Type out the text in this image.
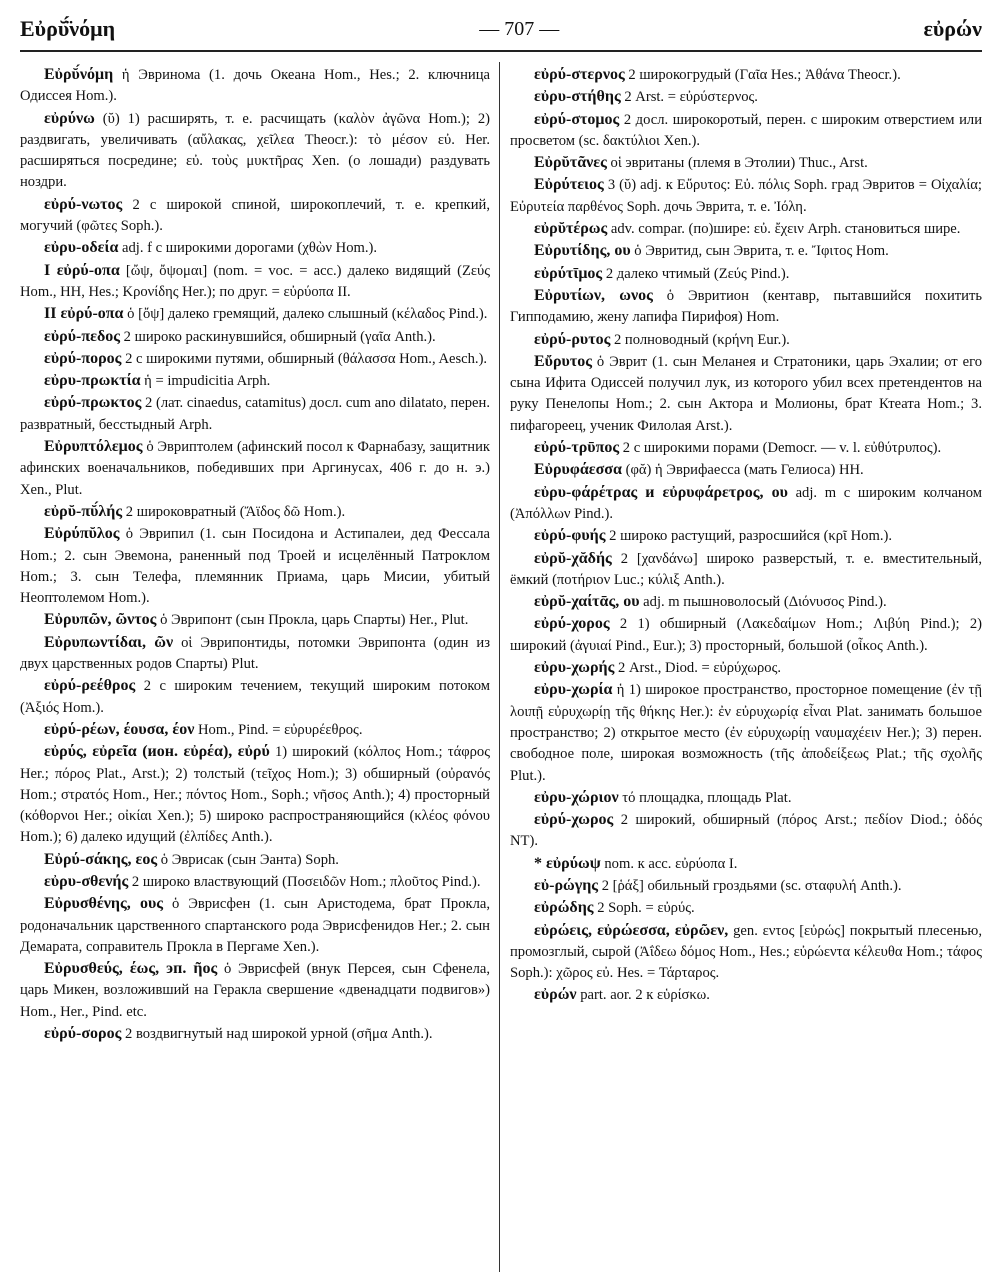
Εὐρῠ̈́νόμη	— 707 —	εὐρών

Εὐρῠ́νόμη ἡ Эвринома (1. дочь Океана Hom., Hes.; 2. ключница Одиссея Hom.).

εὐρύνω (ῠ) 1) расширять, т. е. расчищать (καλὸν ἀγῶνα Hom.); 2) раздвигать, увеличивать (αὔλακας, χεῖλεα Theocr.): τὸ μέσον εὐ. Her. расширяться посредине; εὐ. τοὺς μυκτῆρας Xen. (о лошади) раздувать ноздри.

εὐρύ-νωτος 2 с широкой спиной, широкоплечий, т. е. крепкий, могучий (φῶτες Soph.).

εὐρυ-οδεία adj. f с широкими дорогами (χθὼν Hom.).

I εὐρύ-οπα [ὤψ, ὄψομαι] (nom. = voc. = acc.) далеко видящий (Ζεύς Hom., HH, Hes.; Κρονίδης Her.); по друг. = εὐρύοπα II.

II εὐρύ-οπα ὁ [ὄψ] далеко гремящий, далеко слышный (κέλαδος Pind.).

εὐρύ-πεδος 2 широко раскинувшийся, обширный (γαῖα Anth.).

εὐρύ-πορος 2 с широкими путями, обширный (θάλασσα Hom., Aesch.).

εὐρυ-πρωκτία ἡ = impudicitia Arph.

εὐρύ-πρωκτος 2 (лат. cinaedus, catamitus) досл. cum ano dilatato, перен. развратный, бесстыдный Arph.

Εὐρυπτόλεμος ὁ Эвриптолем (афинский посол к Фарнабазу, защитник афинских военачальников, победивших при Аргинусах, 406 г. до н. э.) Xen., Plut.

εὐρῠ-πῠ́λής 2 широковратный (Ἄϊδος δῶ Hom.).

Εὐρύπῠλος ὁ Эврипил (1. сын Посидона и Астипалеи, дед Фессала Hom.; 2. сын Эвемона, раненный под Троей и исцелённый Патроклом Hom.; 3. сын Телефа, племянник Приама, царь Мисии, убитый Неоптолемом Hom.).

Εὐρυπῶν, ῶντος ὁ Эврипонт (сын Прокла, царь Спарты) Her., Plut.

Εὐρυπωντίδαι, ῶν οἱ Эврипонтиды, потомки Эврипонта (один из двух царственных родов Спарты) Plut.

εὐρύ-ρεέθρος 2 с широким течением, текущий широким потоком (Ἀξιός Hom.).

εὐρύ-ρέων, έουσα, έον Hom., Pind. = εὐρυρέεθρος.

εὐρύς, εὐρεῖα (ион. εὐρέα), εὐρύ 1) широкий (κόλπος Hom.; τάφρος Her.; πόρος Plat., Arst.); 2) толстый (τεῖχος Hom.); 3) обширный (οὐρανός Hom.; στρατός Hom., Her.; πόντος Hom., Soph.; νῆσος Anth.); 4) просторный (κόθορνοι Her.; οἰκίαι Xen.); 5) широко распространяющийся (κλέος φόνου Hom.); 6) далеко идущий (ἐλπίδες Anth.).

Εὐρύ-σάκης, εος ὁ Эврисак (сын Эанта) Soph.

εὐρυ-σθενής 2 широко властвующий (Ποσειδῶν Hom.; πλοῦτος Pind.).

Εὐρυσθένης, ους ὁ Эврисфен (1. сын Аристодема, брат Прокла, родоначальник царственного спартанского рода Эврисфенидов Her.; 2. сын Демарата, соправитель Прокла в Пергаме Xen.).

Εὐρυσθεύς, έως, эп. ῆος ὁ Эврисфей (внук Персея, сын Сфенела, царь Микен, возложивший на Геракла свершение «двенадцати подвигов») Hom., Her., Pind. etc.

εὐρύ-σορος 2 воздвигнутый над широкой урной (σῆμα Anth.).

εὐρύ-στερνος 2 широкогрудый (Γαῖα Hes.; Ἀθάνα Theocr.).

εὐρυ-στήθης 2 Arst. = εὐρύστερνος.

εὐρύ-στομος 2 досл. широкоротый, перен. с широким отверстием или просветом (sc. δακτύλιοι Xen.).

Εὐρῠτᾶνες οἱ эвританы (племя в Этолии) Thuc., Arst.

Εὐρύτειος 3 (ῠ) adj. к Εὔρυτος: Εὐ. πόλις Soph. град Эвритов = Οἰχαλία; Εὐρυτεία παρθένος Soph. дочь Эврита, т. е. Ἰόλη.

εὐρῠτέρως adv. compar. (по)шире: εὐ. ἔχειν Arph. становиться шире.

Εὐρυτίδης, ου ὁ Эвритид, сын Эврита, т. е. Ἴφιτος Hom.

εὐρύτῑμος 2 далеко чтимый (Ζεύς Pind.).

Εὐρυτίων, ωνος ὁ Эвритион (кентавр, пытавшийся похитить Гипподамию, жену лапифа Пирифоя) Hom.

εὐρύ-ρυτος 2 полноводный (κρήνη Eur.).

Εὔρυτος ὁ Эврит (1. сын Меланея и Стратоники, царь Эхалии; от его сына Ифита Одиссей получил лук, из которого убил всех претендентов на руку Пенелопы Hom.; 2. сын Актора и Молионы, брат Ктеата Hom.; 3. пифагореец, ученик Филолая Arst.).

εὐρύ-τρῡπος 2 с широкими порами (Democr. — v. l. εὐθύτρυπος).

Εὐρυφάεσσα (φᾰ) ἡ Эврифаесса (мать Гелиоса) HH.

εὐρυ-φάρέτρας и εὐρυφάρετρος, ου adj. m с широким колчаном (Ἀπόλλων Pind.).

εὐρύ-φυής 2 широко растущий, разросшийся (κρῖ Hom.).

εὐρῠ-χᾰδής 2 [χανδάνω] широко разверстый, т. е. вместительный, ёмкий (ποτήριον Luc.; κύλιξ Anth.).

εὐρῠ-χαίτᾱς, ου adj. m пышноволосый (Διόνυσος Pind.).

εὐρύ-χορος 2 1) обширный (Λακεδαίμων Hom.; Λιβύη Pind.); 2) широкий (ἀγυιαί Pind., Eur.); 3) просторный, большой (οἶκος Anth.).

εὐρυ-χωρής 2 Arst., Diod. = εὐρύχωρος.

εὐρυ-χωρία ἡ 1) широкое пространство, просторное помещение (ἐν τῇ λοιπῇ εὐρυχωρίῃ τῆς θήκης Her.): ἐν εὐρυχωρίᾳ εἶναι Plat. занимать большое пространство; 2) открытое место (ἐν εὐρυχωρίῃ ναυμαχέειν Her.); 3) перен. свободное поле, широкая возможность (τῆς ἀποδείξεως Plat.; τῆς σχολῆς Plut.).

εὐρυ-χώριον τό площадка, площадь Plat.

εὐρύ-χωρος 2 широкий, обширный (πόρος Arst.; πεδίον Diod.; ὁδός NT).

* εὐρύωψ nom. к acc. εὐρύοπα I.

εὐ-ρώγης 2 [ῥάξ] обильный гроздьями (sc. σταφυλή Anth.).

εὐρώδης 2 Soph. = εὐρύς.

εὐρώεις, εὐρώεσσα, εὐρῶεν, gen. εντος [εὐρώς] покрытый плесенью, промозглый, сырой (Ἀΐδεω δόμος Hom., Hes.; εὐρώεντα κέλευθα Hom.; τάφος Soph.): χῶρος εὐ. Hes. = Τάρταρος.

εὐρών part. aor. 2 к εὑρίσκω.
